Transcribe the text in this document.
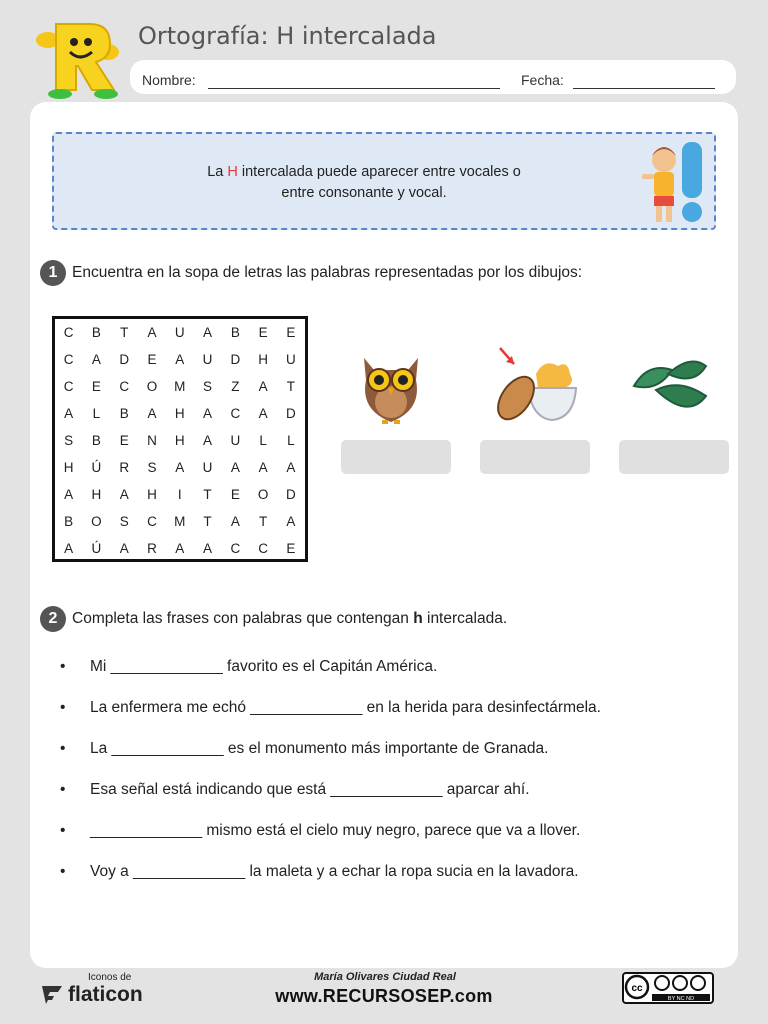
Ortografía: H intercalada
Nombre:	Fecha:
La H intercalada puede aparecer entre vocales o
entre consonante y vocal.
1 Encuentra en la sopa de letras las palabras representadas por los dibujos:
C	B	T	A	U	A	B	E	E
C	A	D	E	A	U	D	H	U
C	E	C	O	M	S	Z	A	T
A	L	B	A	H	A	C	A	D
S	B	E	N	H	A	U	L	L
H	Ú	R	S	A	U	A	A	A
A	H	A	H	I	T	E	O	D
B	O	S	C	M	T	A	T	A
A	Ú	A	R	A	A	C	C	E
2 Completa las frases con palabras que contengan h intercalada.
• Mi _____________ favorito es el Capitán América.
• La enfermera me echó _____________ en la herida para desinfectármela.
• La _____________ es el monumento más importante de Granada.
• Esa señal está indicando que está _____________ aparcar ahí.
• _____________ mismo está el cielo muy negro, parece que va a llover.
• Voy a _____________ la maleta y a echar la ropa sucia en la lavadora.
Iconos de
flaticon
María Olivares Ciudad Real
www.RECURSOSEP.com	cc
BY NC ND
